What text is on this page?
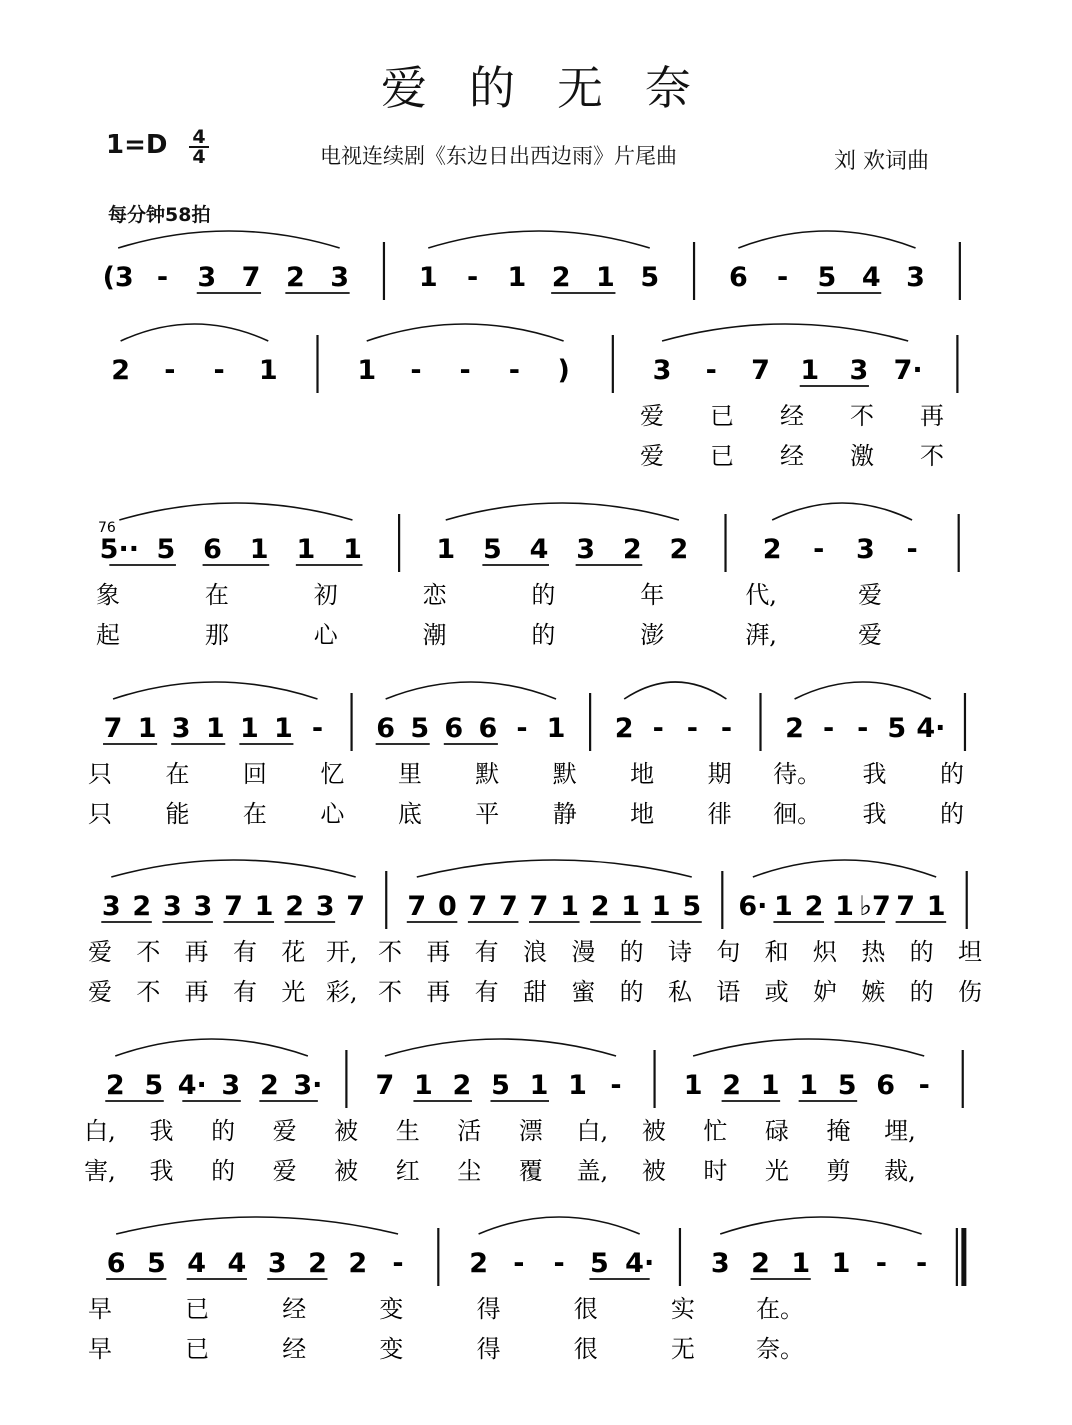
爱的无奈
1=D	4
4	电视连续剧《东边日出西边雨》片尾曲	刘 欢词曲
每分钟58拍
(3 - 3 7 2 3	1 - 1 2 1 5	6 - 5 4 3
2 - - 1	1 - - - )	3 - 7 1 3 7·
爱 已 经 不 再
爱 已 经 激 不
76
5·· 5 6 1 1 1	1 5 4 3 2 2	2 - 3 -
象	在	初	恋	的	年	代,	爱
起	那	心	潮	的	澎	湃,	爱
7 1 3 1 1 1 - 6 5 6 6 - 1 2 - - - 2 - - 5 4·
只 在 回 忆 里 默 默 地 期 待。 我 的
只 能 在 心 底 平 静 地 徘 徊。 我 的
3 2 3 3 7 1 2 3 7 7 0 7 7 7 1 2 1 1 5 6· 1 2 1 ♭7 7 1
爱 不 再 有 花 开, 不 再 有 浪 漫 的 诗 句 和 炽 热 的 坦
爱 不 再 有 光 彩, 不 再 有 甜 蜜 的 私 语 或 妒 嫉 的 伤
2 5 4· 3 2 3· 7 1 2 5 1 1 - 1 2 1 1 5 6 -
白, 我 的 爱 被 生 活 漂 白, 被 忙 碌 掩 埋,
害, 我 的 爱 被 红 尘 覆 盖, 被 时 光 剪 裁,
6 5 4 4 3 2 2 - 2 - - 5 4· 3 2 1 1 - -
早	已	经	变	得	很	实	在。
早	已	经	变	得	很	无	奈。
